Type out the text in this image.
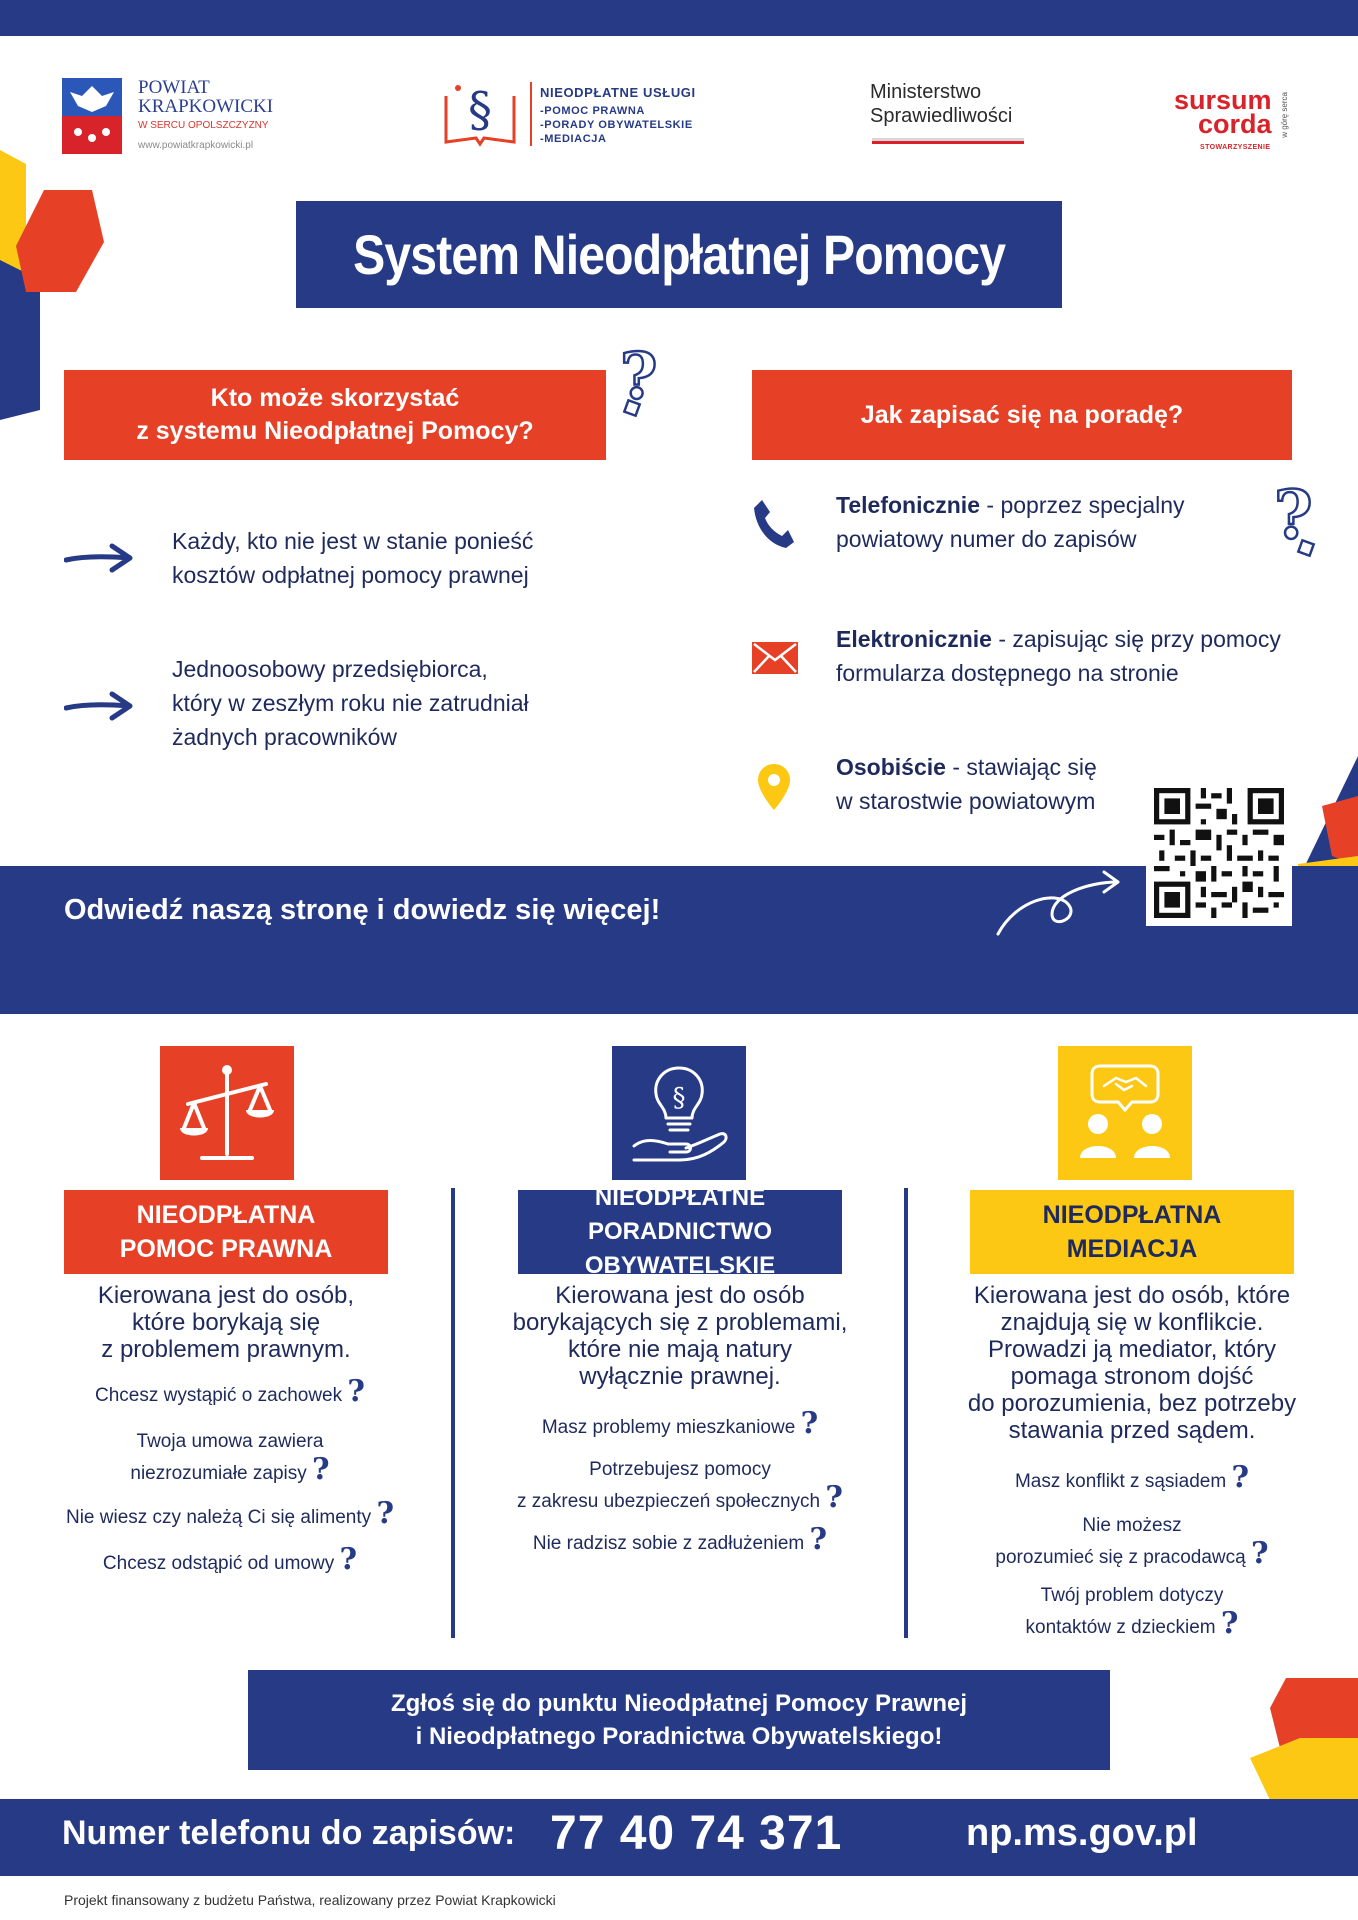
POWIAT
KRAPKOWICKI
W SERCU OPOLSZCZYZNY
www.powiatkrapkowicki.pl
§	NIEODPŁATNE USŁUGI
-POMOC PRAWNA
-PORADY OBYWATELSKIE
-MEDIACJA
Ministerstwo
Sprawiedliwości
sursum
corda
STOWARZYSZENIE
w górę serca
System Nieodpłatnej Pomocy
Kto może skorzystać
z systemu Nieodpłatnej Pomocy?
?
Każdy, kto nie jest w stanie ponieść
kosztów odpłatnej pomocy prawnej
Jednoosobowy przedsiębiorca,
który w zeszłym roku nie zatrudniał
żadnych pracowników
Jak zapisać się na poradę?
?
Telefonicznie - poprzez specjalny
powiatowy numer do zapisów
Elektronicznie - zapisując się przy pomocy
formularza dostępnego na stronie
Osobiście - stawiając się
w starostwie powiatowym
Odwiedź naszą stronę i dowiedz się więcej!
NIEODPŁATNA
POMOC PRAWNA
Kierowana jest do osób,
które borykają się
z problemem prawnym.
Chcesz wystąpić o zachowek ?
Twoja umowa zawiera
niezrozumiałe zapisy ?
Nie wiesz czy należą Ci się alimenty ?
Chcesz odstąpić od umowy ?
§
NIEODPŁATNE
PORADNICTWO OBYWATELSKIE
Kierowana jest do osób
borykających się z problemami,
które nie mają natury
wyłącznie prawnej.
Masz problemy mieszkaniowe ?
Potrzebujesz pomocy
z zakresu ubezpieczeń społecznych ?
Nie radzisz sobie z zadłużeniem ?
NIEODPŁATNA
MEDIACJA
Kierowana jest do osób, które
znajdują się w konflikcie.
Prowadzi ją mediator, który
pomaga stronom dojść
do porozumienia, bez potrzeby
stawania przed sądem.
Masz konflikt z sąsiadem ?
Nie możesz
porozumieć się z pracodawcą ?
Twój problem dotyczy
kontaktów z dzieckiem ?
Zgłoś się do punktu Nieodpłatnej Pomocy Prawnej
i Nieodpłatnego Poradnictwa Obywatelskiego!
Numer telefonu do zapisów: 77 40 74 371	np.ms.gov.pl
Projekt finansowany z budżetu Państwa, realizowany przez Powiat Krapkowicki
